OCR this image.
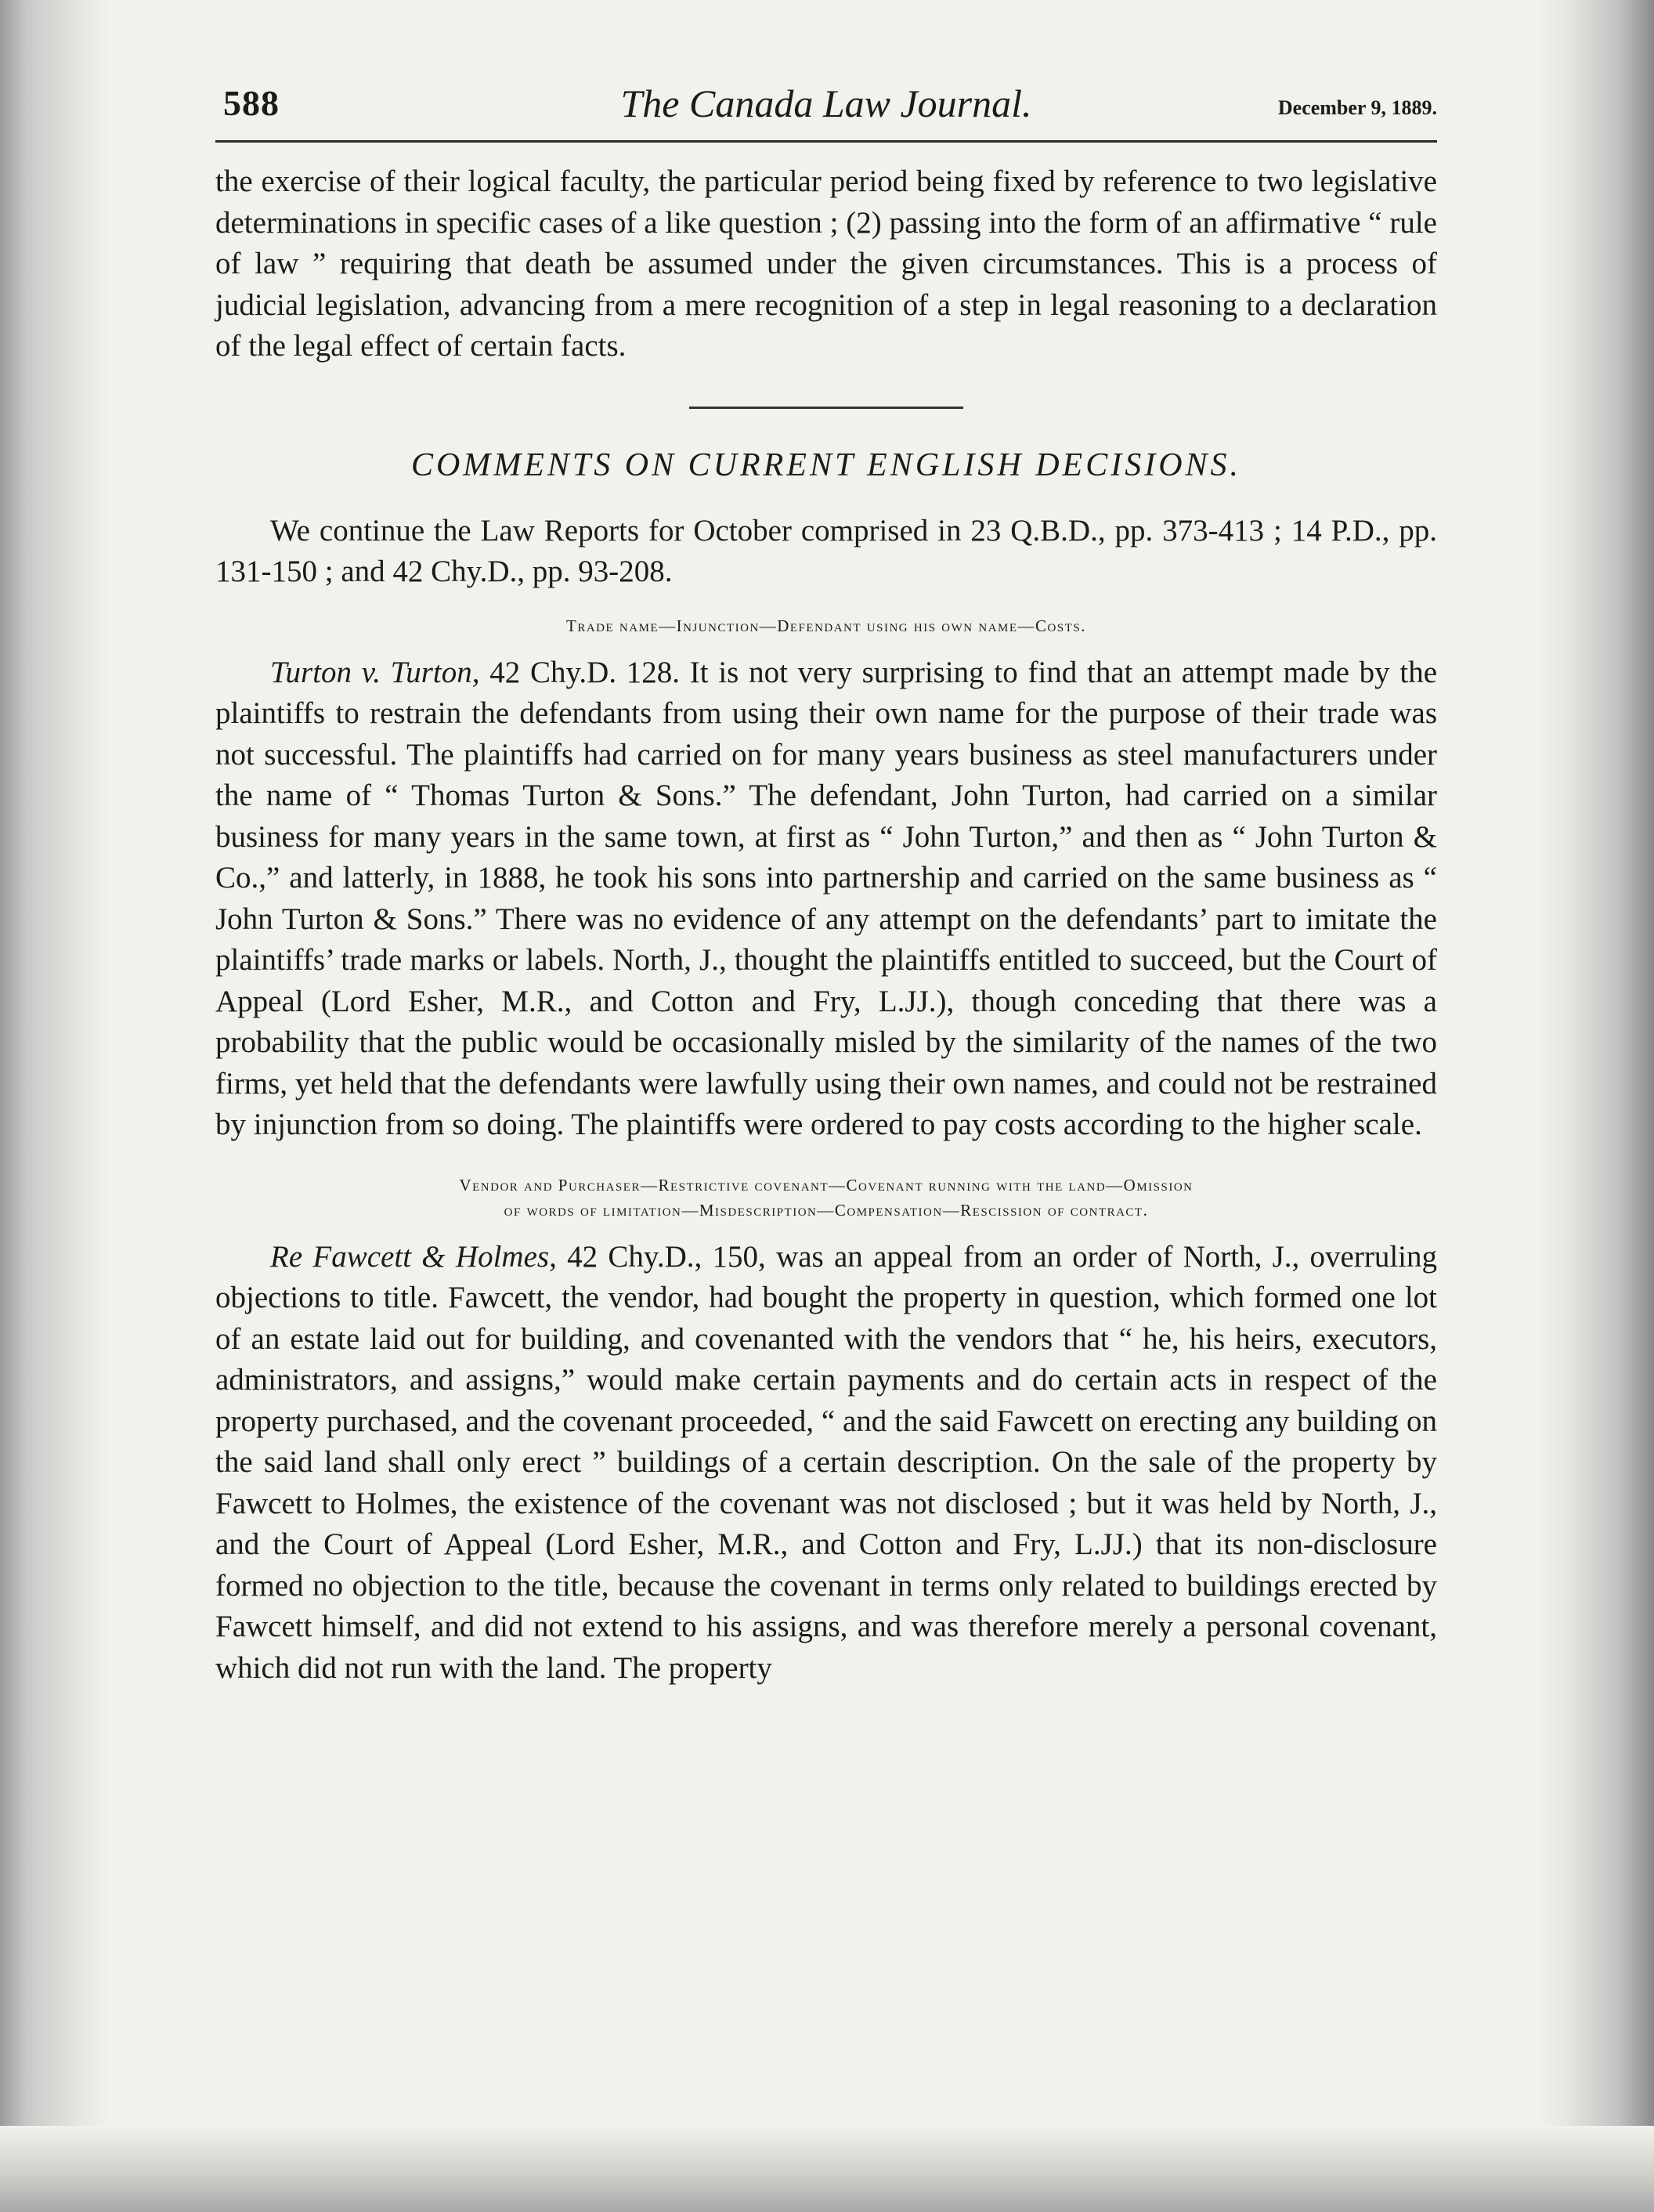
588	The Canada Law Journal.	December 9, 1889.

the exercise of their logical faculty, the particular period being fixed by reference to two legislative determinations in specific cases of a like question ; (2) passing into the form of an affirmative “ rule of law ” requiring that death be assumed under the given circumstances. This is a process of judicial legislation, advancing from a mere recognition of a step in legal reasoning to a declaration of the legal effect of certain facts.

COMMENTS ON CURRENT ENGLISH DECISIONS.

We continue the Law Reports for October comprised in 23 Q.B.D., pp. 373-413 ; 14 P.D., pp. 131-150 ; and 42 Chy.D., pp. 93-208.

Trade name—Injunction—Defendant using his own name—Costs.

Turton v. Turton, 42 Chy.D. 128. It is not very surprising to find that an attempt made by the plaintiffs to restrain the defendants from using their own name for the purpose of their trade was not successful. The plaintiffs had carried on for many years business as steel manufacturers under the name of “ Thomas Turton & Sons.” The defendant, John Turton, had carried on a similar business for many years in the same town, at first as “ John Turton,” and then as “ John Turton & Co.,” and latterly, in 1888, he took his sons into partnership and carried on the same business as “ John Turton & Sons.” There was no evidence of any attempt on the defendants’ part to imitate the plaintiffs’ trade marks or labels. North, J., thought the plaintiffs entitled to succeed, but the Court of Appeal (Lord Esher, M.R., and Cotton and Fry, L.JJ.), though conceding that there was a probability that the public would be occasionally misled by the similarity of the names of the two firms, yet held that the defendants were lawfully using their own names, and could not be restrained by injunction from so doing. The plaintiffs were ordered to pay costs according to the higher scale.

Vendor and Purchaser—Restrictive covenant—Covenant running with the land—Omission
of words of limitation—Misdescription—Compensation—Rescission of contract.

Re Fawcett & Holmes, 42 Chy.D., 150, was an appeal from an order of North, J., overruling objections to title. Fawcett, the vendor, had bought the property in question, which formed one lot of an estate laid out for building, and covenanted with the vendors that “ he, his heirs, executors, administrators, and assigns,” would make certain payments and do certain acts in respect of the property purchased, and the covenant proceeded, “ and the said Fawcett on erecting any building on the said land shall only erect ” buildings of a certain description. On the sale of the property by Fawcett to Holmes, the existence of the covenant was not disclosed ; but it was held by North, J., and the Court of Appeal (Lord Esher, M.R., and Cotton and Fry, L.JJ.) that its non-disclosure formed no objection to the title, because the covenant in terms only related to buildings erected by Fawcett himself, and did not extend to his assigns, and was therefore merely a personal covenant, which did not run with the land. The property
